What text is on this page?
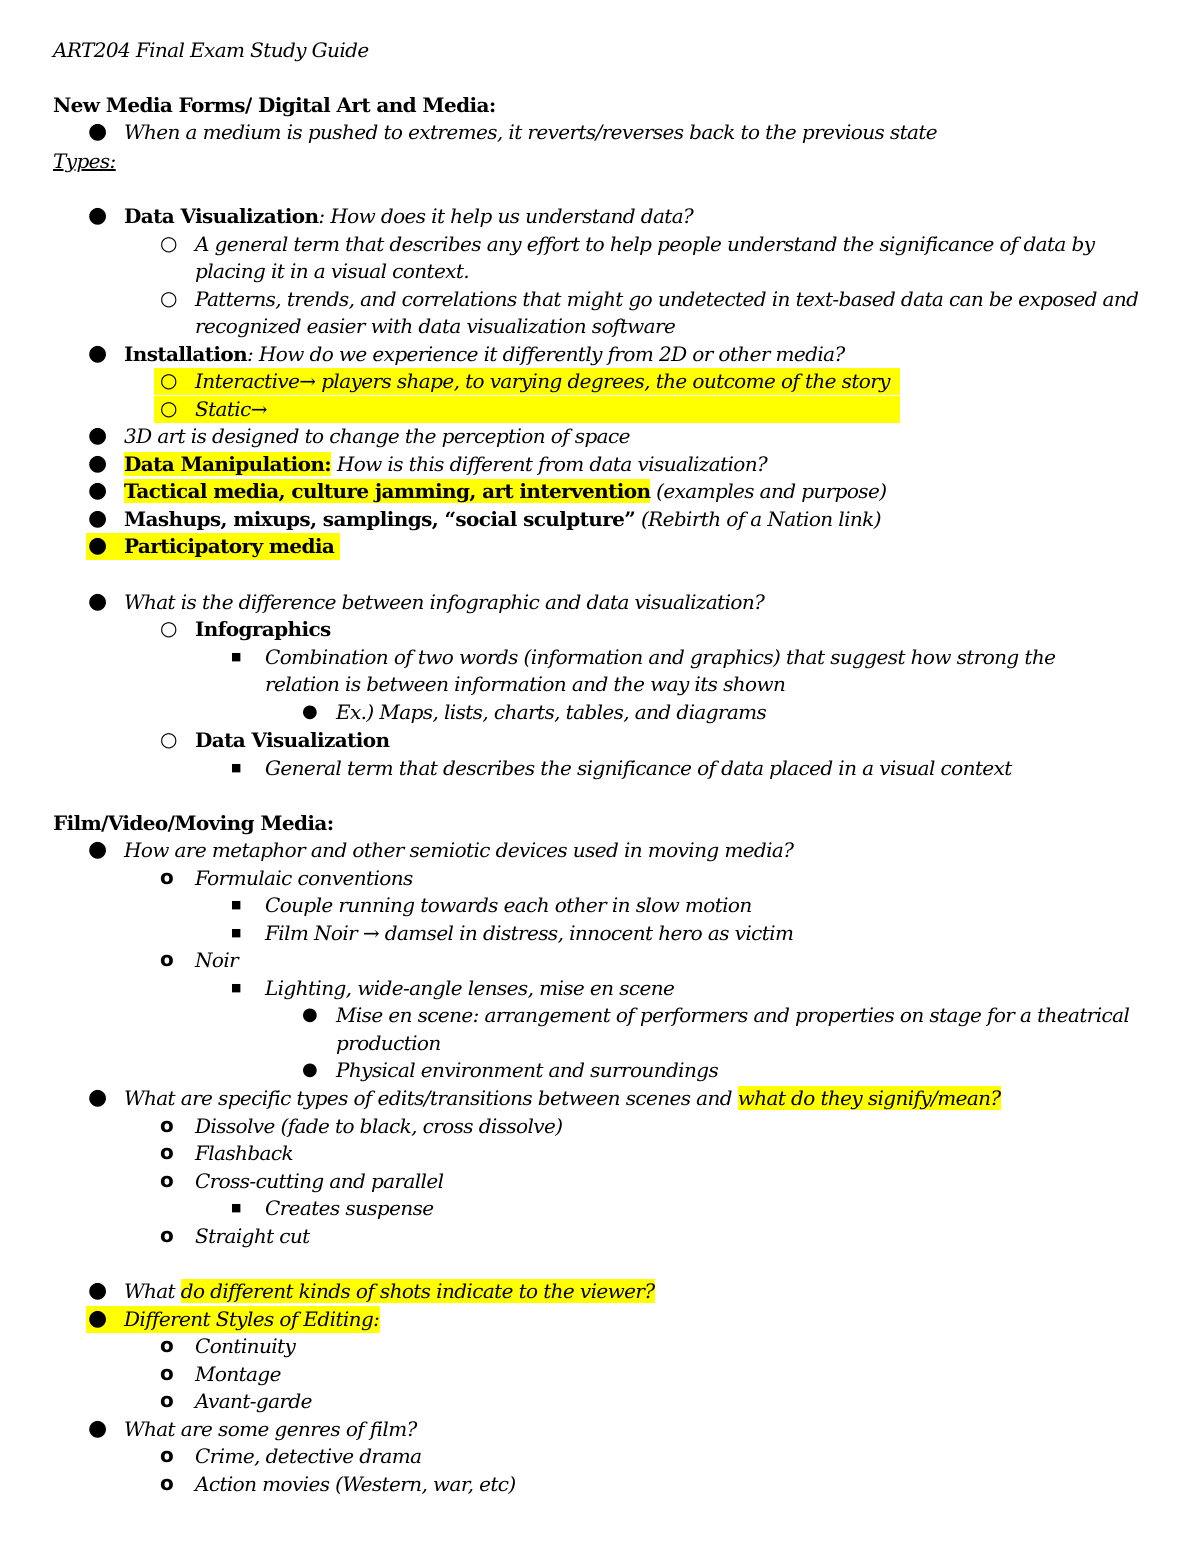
ART204 Final Exam Study Guide
New Media Forms/ Digital Art and Media:
● When a medium is pushed to extremes, it reverts/reverses back to the previous state
Types:
● Data Visualization: How does it help us understand data?
○ A general term that describes any effort to help people understand the significance of data by
placing it in a visual context.
○ Patterns, trends, and correlations that might go undetected in text-based data can be exposed and
recognized easier with data visualization software
● Installation: How do we experience it differently from 2D or other media?
○ Interactive→ players shape, to varying degrees, the outcome of the story
○ Static→
● 3D art is designed to change the perception of space
● Data Manipulation: How is this different from data visualization?
● Tactical media, culture jamming, art intervention (examples and purpose)
● Mashups, mixups, samplings, “social sculpture” (Rebirth of a Nation link)
● Participatory media
● What is the difference between infographic and data visualization?
○ Infographics
■ Combination of two words (information and graphics) that suggest how strong the
relation is between information and the way its shown
● Ex.) Maps, lists, charts, tables, and diagrams
○ Data Visualization
■ General term that describes the significance of data placed in a visual context
Film/Video/Moving Media:
● How are metaphor and other semiotic devices used in moving media?
o Formulaic conventions
■ Couple running towards each other in slow motion
■ Film Noir → damsel in distress, innocent hero as victim
o Noir
■ Lighting, wide-angle lenses, mise en scene
● Mise en scene: arrangement of performers and properties on stage for a theatrical
production
● Physical environment and surroundings
● What are specific types of edits/transitions between scenes and what do they signify/mean?
o Dissolve (fade to black, cross dissolve)
o Flashback
o Cross-cutting and parallel
■ Creates suspense
o Straight cut
● What do different kinds of shots indicate to the viewer?
● Different Styles of Editing:
o Continuity
o Montage
o Avant-garde
● What are some genres of film?
o Crime, detective drama
o Action movies (Western, war, etc)
